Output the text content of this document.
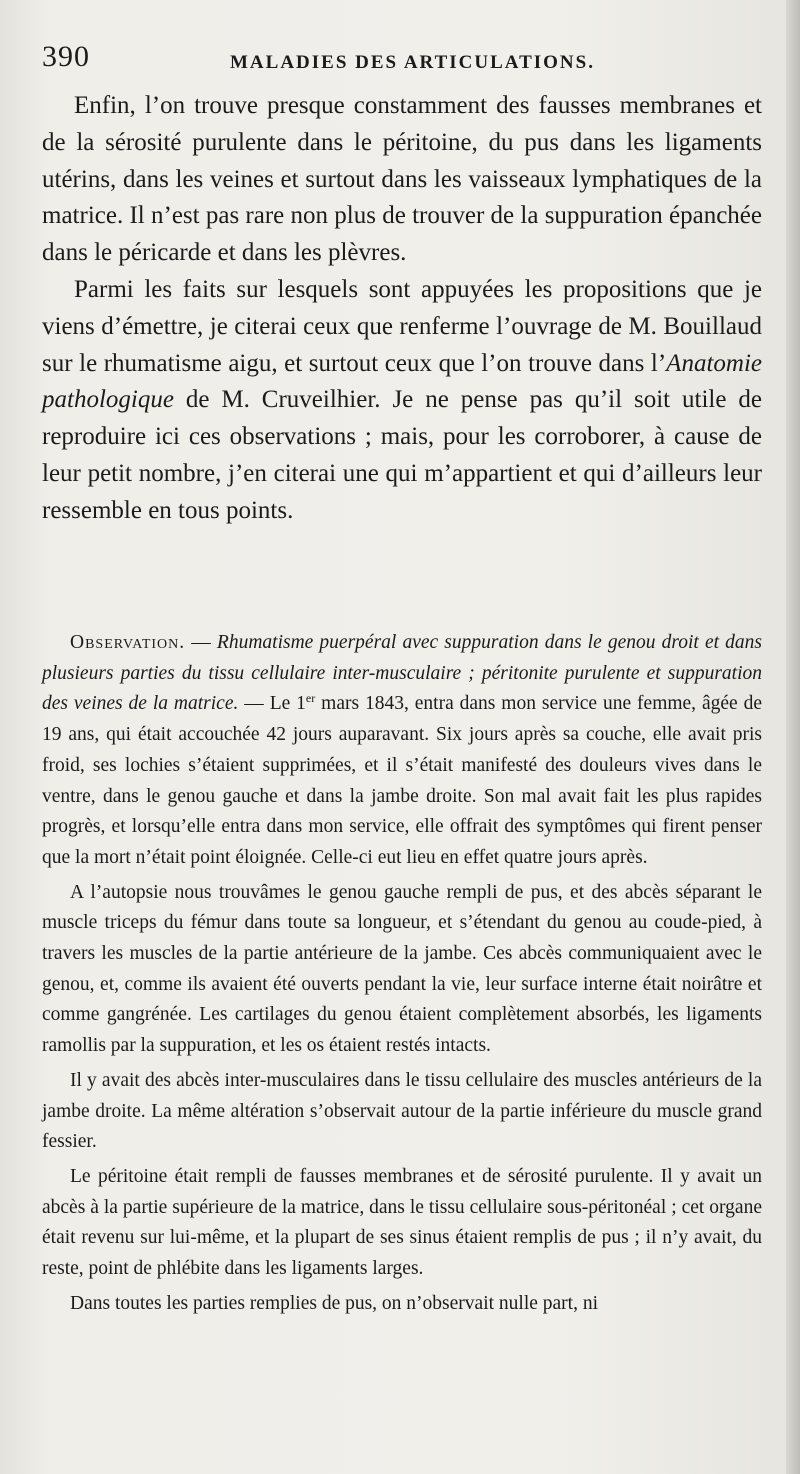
390	MALADIES DES ARTICULATIONS.

Enfin, l’on trouve presque constamment des fausses membranes et de la sérosité purulente dans le péritoine, du pus dans les ligaments utérins, dans les veines et surtout dans les vaisseaux lymphatiques de la matrice. Il n’est pas rare non plus de trouver de la suppuration épanchée dans le péricarde et dans les plèvres.

Parmi les faits sur lesquels sont appuyées les propositions que je viens d’émettre, je citerai ceux que renferme l’ouvrage de M. Bouillaud sur le rhumatisme aigu, et surtout ceux que l’on trouve dans l’Anatomie pathologique de M. Cruveilhier. Je ne pense pas qu’il soit utile de reproduire ici ces observations ; mais, pour les corroborer, à cause de leur petit nombre, j’en citerai une qui m’appartient et qui d’ailleurs leur ressemble en tous points.

Observation. — Rhumatisme puerpéral avec suppuration dans le genou droit et dans plusieurs parties du tissu cellulaire inter-musculaire ; péritonite purulente et suppuration des veines de la matrice. — Le 1er mars 1843, entra dans mon service une femme, âgée de 19 ans, qui était accouchée 42 jours auparavant. Six jours après sa couche, elle avait pris froid, ses lochies s’étaient supprimées, et il s’était manifesté des douleurs vives dans le ventre, dans le genou gauche et dans la jambe droite. Son mal avait fait les plus rapides progrès, et lorsqu’elle entra dans mon service, elle offrait des symptômes qui firent penser que la mort n’était point éloignée. Celle-ci eut lieu en effet quatre jours après.

A l’autopsie nous trouvâmes le genou gauche rempli de pus, et des abcès séparant le muscle triceps du fémur dans toute sa longueur, et s’étendant du genou au coude-pied, à travers les muscles de la partie antérieure de la jambe. Ces abcès communiquaient avec le genou, et, comme ils avaient été ouverts pendant la vie, leur surface interne était noirâtre et comme gangrénée. Les cartilages du genou étaient complètement absorbés, les ligaments ramollis par la suppuration, et les os étaient restés intacts.

Il y avait des abcès inter-musculaires dans le tissu cellulaire des muscles antérieurs de la jambe droite. La même altération s’observait autour de la partie inférieure du muscle grand fessier.

Le péritoine était rempli de fausses membranes et de sérosité purulente. Il y avait un abcès à la partie supérieure de la matrice, dans le tissu cellulaire sous-péritonéal ; cet organe était revenu sur lui-même, et la plupart de ses sinus étaient remplis de pus ; il n’y avait, du reste, point de phlébite dans les ligaments larges.

Dans toutes les parties remplies de pus, on n’observait nulle part, ni
